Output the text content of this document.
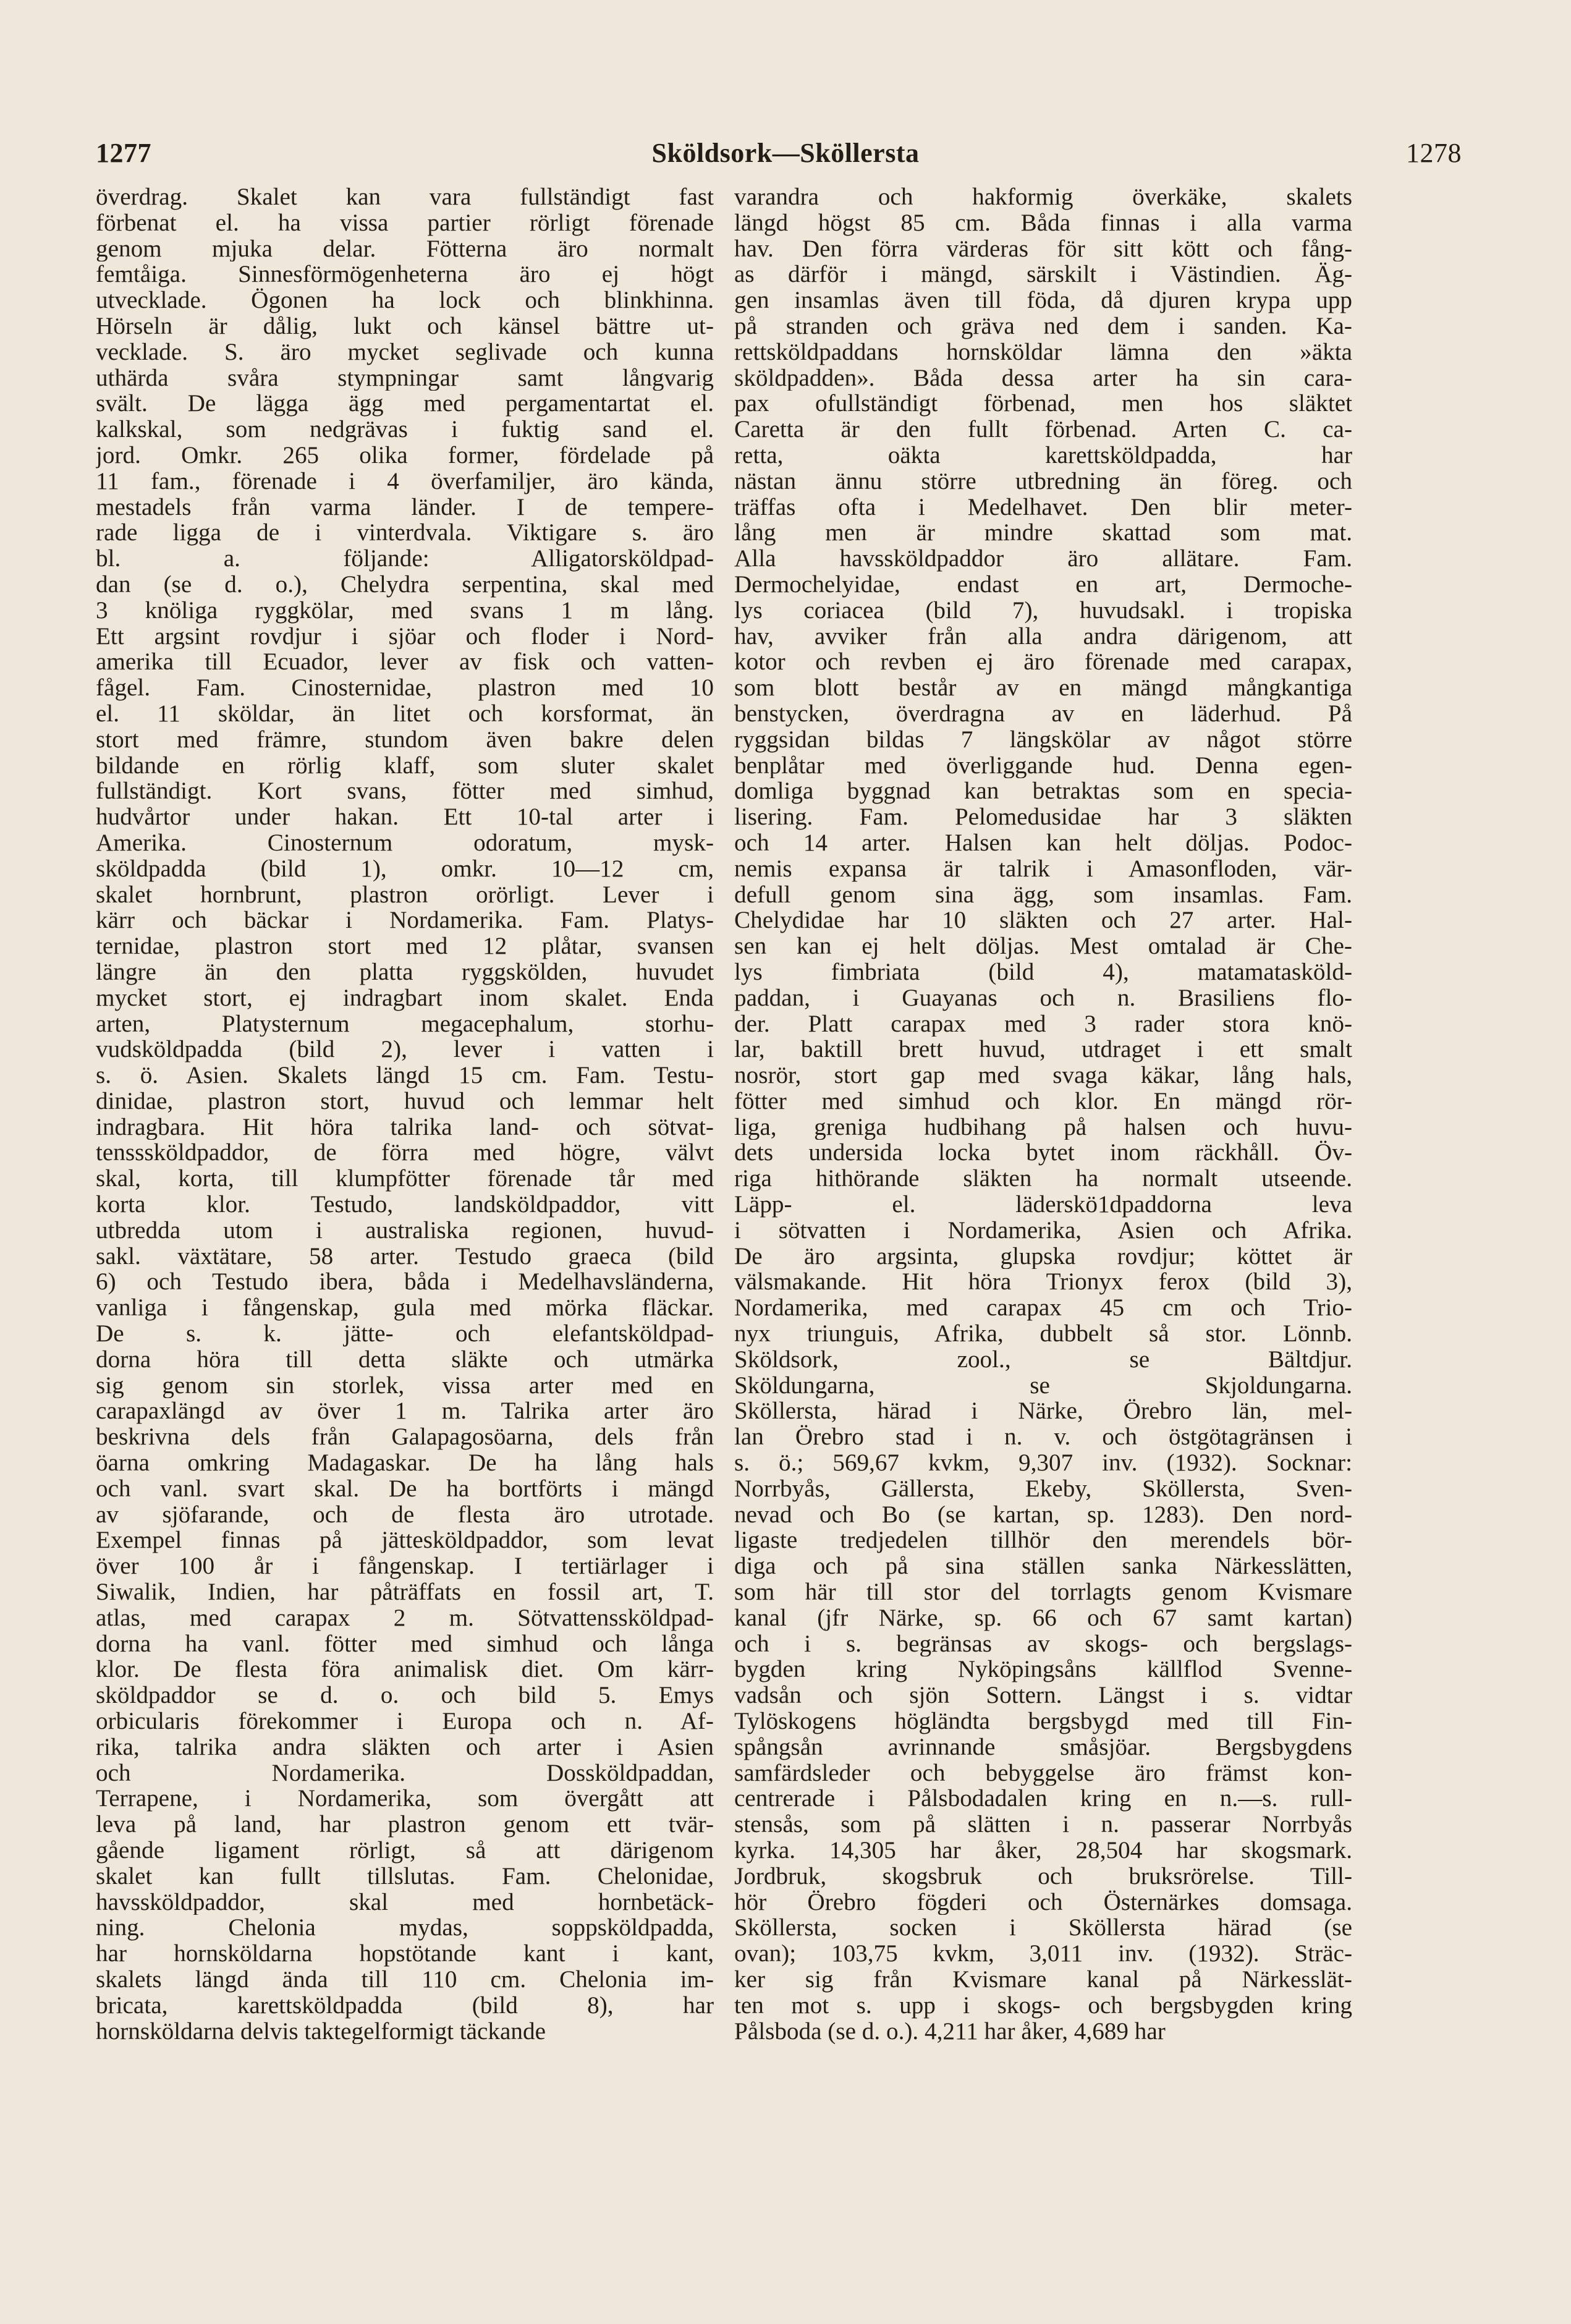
1277	Sköldsork—Sköllersta	1278
överdrag. Skalet kan vara fullständigt fast
förbenat el. ha vissa partier rörligt förenade
genom mjuka delar. Fötterna äro normalt
femtåiga. Sinnesförmögenheterna äro ej högt
utvecklade. Ögonen ha lock och blinkhinna.
Hörseln är dålig, lukt och känsel bättre ut-
vecklade. S. äro mycket seglivade och kunna
uthärda svåra stympningar samt långvarig
svält. De lägga ägg med pergamentartat el.
kalkskal, som nedgrävas i fuktig sand el.
jord. Omkr. 265 olika former, fördelade på
11 fam., förenade i 4 överfamiljer, äro kända,
mestadels från varma länder. I de tempere-
rade ligga de i vinterdvala. Viktigare s. äro
bl. a. följande: Alligatorsköldpad-
dan (se d. o.), Chelydra serpentina, skal med
3 knöliga ryggkölar, med svans 1 m lång.
Ett argsint rovdjur i sjöar och floder i Nord-
amerika till Ecuador, lever av fisk och vatten-
fågel. Fam. Cinosternidae, plastron med 10
el. 11 sköldar, än litet och korsformat, än
stort med främre, stundom även bakre delen
bildande en rörlig klaff, som sluter skalet
fullständigt. Kort svans, fötter med simhud,
hudvårtor under hakan. Ett 10-tal arter i
Amerika. Cinosternum odoratum, mysk-
sköldpadda (bild 1), omkr. 10—12 cm,
skalet hornbrunt, plastron orörligt. Lever i
kärr och bäckar i Nordamerika. Fam. Platys-
ternidae, plastron stort med 12 plåtar, svansen
längre än den platta ryggskölden, huvudet
mycket stort, ej indragbart inom skalet. Enda
arten, Platysternum megacephalum, storhu-
vudsköldpadda (bild 2), lever i vatten i
s. ö. Asien. Skalets längd 15 cm. Fam. Testu-
dinidae, plastron stort, huvud och lemmar helt
indragbara. Hit höra talrika land- och sötvat-
tensssköldpaddor, de förra med högre, välvt
skal, korta, till klumpfötter förenade tår med
korta klor. Testudo, landsköldpaddor, vitt
utbredda utom i australiska regionen, huvud-
sakl. växtätare, 58 arter. Testudo graeca (bild
6) och Testudo ibera, båda i Medelhavsländerna,
vanliga i fångenskap, gula med mörka fläckar.
De s. k. jätte- och elefantsköldpad-
dorna höra till detta släkte och utmärka
sig genom sin storlek, vissa arter med en
carapaxlängd av över 1 m. Talrika arter äro
beskrivna dels från Galapagosöarna, dels från
öarna omkring Madagaskar. De ha lång hals
och vanl. svart skal. De ha bortförts i mängd
av sjöfarande, och de flesta äro utrotade.
Exempel finnas på jättesköldpaddor, som levat
över 100 år i fångenskap. I tertiärlager i
Siwalik, Indien, har påträffats en fossil art, T.
atlas, med carapax 2 m. Sötvattenssköldpad-
dorna ha vanl. fötter med simhud och långa
klor. De flesta föra animalisk diet. Om kärr-
sköldpaddor se d. o. och bild 5. Emys
orbicularis förekommer i Europa och n. Af-
rika, talrika andra släkten och arter i Asien
och Nordamerika. Dossköldpaddan,
Terrapene, i Nordamerika, som övergått att
leva på land, har plastron genom ett tvär-
gående ligament rörligt, så att därigenom
skalet kan fullt tillslutas. Fam. Chelonidae,
havssköldpaddor, skal med hornbetäck-
ning. Chelonia mydas, soppsköldpadda,
har hornsköldarna hopstötande kant i kant,
skalets längd ända till 110 cm. Chelonia im-
bricata, karettsköldpadda (bild 8), har
hornsköldarna delvis taktegelformigt täckande
varandra och hakformig överkäke, skalets
längd högst 85 cm. Båda finnas i alla varma
hav. Den förra värderas för sitt kött och fång-
as därför i mängd, särskilt i Västindien. Äg-
gen insamlas även till föda, då djuren krypa upp
på stranden och gräva ned dem i sanden. Ka-
rettsköldpaddans hornsköldar lämna den »äkta
sköldpadden». Båda dessa arter ha sin cara-
pax ofullständigt förbenad, men hos släktet
Caretta är den fullt förbenad. Arten C. ca-
retta, oäkta karettsköldpadda, har
nästan ännu större utbredning än föreg. och
träffas ofta i Medelhavet. Den blir meter-
lång men är mindre skattad som mat.
Alla havssköldpaddor äro allätare. Fam.
Dermochelyidae, endast en art, Dermoche-
lys coriacea (bild 7), huvudsakl. i tropiska
hav, avviker från alla andra därigenom, att
kotor och revben ej äro förenade med carapax,
som blott består av en mängd mångkantiga
benstycken, överdragna av en läderhud. På
ryggsidan bildas 7 längskölar av något större
benplåtar med överliggande hud. Denna egen-
domliga byggnad kan betraktas som en specia-
lisering. Fam. Pelomedusidae har 3 släkten
och 14 arter. Halsen kan helt döljas. Podoc-
nemis expansa är talrik i Amasonfloden, vär-
defull genom sina ägg, som insamlas. Fam.
Chelydidae har 10 släkten och 27 arter. Hal-
sen kan ej helt döljas. Mest omtalad är Che-
lys fimbriata (bild 4), matamatasköld-
paddan, i Guayanas och n. Brasiliens flo-
der. Platt carapax med 3 rader stora knö-
lar, baktill brett huvud, utdraget i ett smalt
nosrör, stort gap med svaga käkar, lång hals,
fötter med simhud och klor. En mängd rör-
liga, greniga hudbihang på halsen och huvu-
dets undersida locka bytet inom räckhåll. Öv-
riga hithörande släkten ha normalt utseende.
Läpp- el. läderskö1dpaddorna leva
i sötvatten i Nordamerika, Asien och Afrika.
De äro argsinta, glupska rovdjur; köttet är
välsmakande. Hit höra Trionyx ferox (bild 3),
Nordamerika, med carapax 45 cm och Trio-
nyx triunguis, Afrika, dubbelt så stor. Lönnb.
Sköldsork, zool., se Bältdjur.
Sköldungarna, se Skjoldungarna.
Sköllersta, härad i Närke, Örebro län, mel-
lan Örebro stad i n. v. och östgötagränsen i
s. ö.; 569,67 kvkm, 9,307 inv. (1932). Socknar:
Norrbyås, Gällersta, Ekeby, Sköllersta, Sven-
nevad och Bo (se kartan, sp. 1283). Den nord-
ligaste tredjedelen tillhör den merendels bör-
diga och på sina ställen sanka Närkesslätten,
som här till stor del torrlagts genom Kvismare
kanal (jfr Närke, sp. 66 och 67 samt kartan)
och i s. begränsas av skogs- och bergslags-
bygden kring Nyköpingsåns källflod Svenne-
vadsån och sjön Sottern. Längst i s. vidtar
Tylöskogens högländta bergsbygd med till Fin-
spångsån avrinnande småsjöar. Bergsbygdens
samfärdsleder och bebyggelse äro främst kon-
centrerade i Pålsbodadalen kring en n.—s. rull-
stensås, som på slätten i n. passerar Norrbyås
kyrka. 14,305 har åker, 28,504 har skogsmark.
Jordbruk, skogsbruk och bruksrörelse. Till-
hör Örebro fögderi och Östernärkes domsaga.
Sköllersta, socken i Sköllersta härad (se
ovan); 103,75 kvkm, 3,011 inv. (1932). Sträc-
ker sig från Kvismare kanal på Närkesslät-
ten mot s. upp i skogs- och bergsbygden kring
Pålsboda (se d. o.). 4,211 har åker, 4,689 har
